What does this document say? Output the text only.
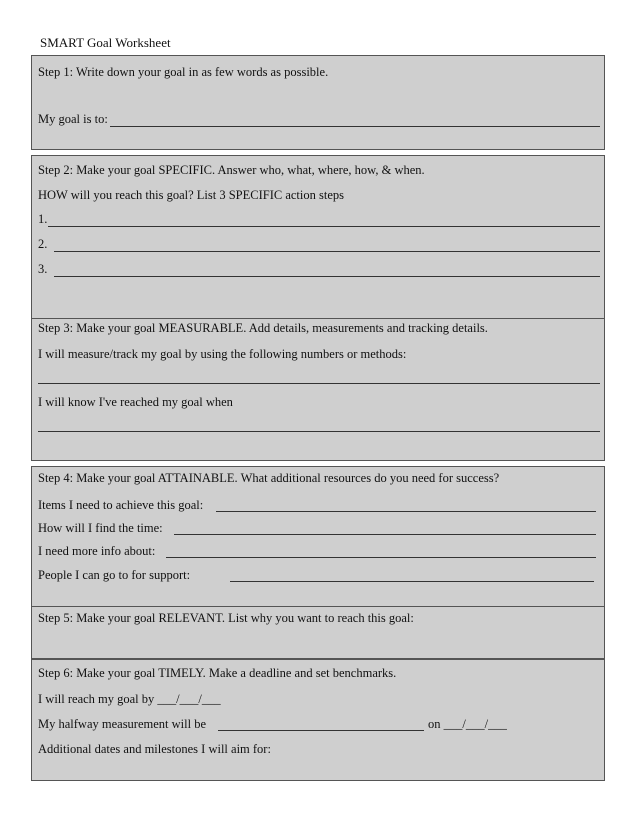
SMART Goal Worksheet
Step 1: Write down your goal in as few words as possible.
My goal is to:
Step 2: Make your goal SPECIFIC. Answer who, what, where, how, & when.
HOW will you reach this goal? List 3 SPECIFIC action steps
1.
2.
3.
Step 3: Make your goal MEASURABLE. Add details, measurements and tracking details.
I will measure/track my goal by using the following numbers or methods:
I will know I've reached my goal when
Step 4: Make your goal ATTAINABLE. What additional resources do you need for success?
Items I need to achieve this goal:
How will I find the time:
I need more info about:
People I can go to for support:
Step 5: Make your goal RELEVANT. List why you want to reach this goal:
Step 6: Make your goal TIMELY. Make a deadline and set benchmarks.
I will reach my goal by ___/___/___
My halfway measurement will be	on ___/___/___
Additional dates and milestones I will aim for:
